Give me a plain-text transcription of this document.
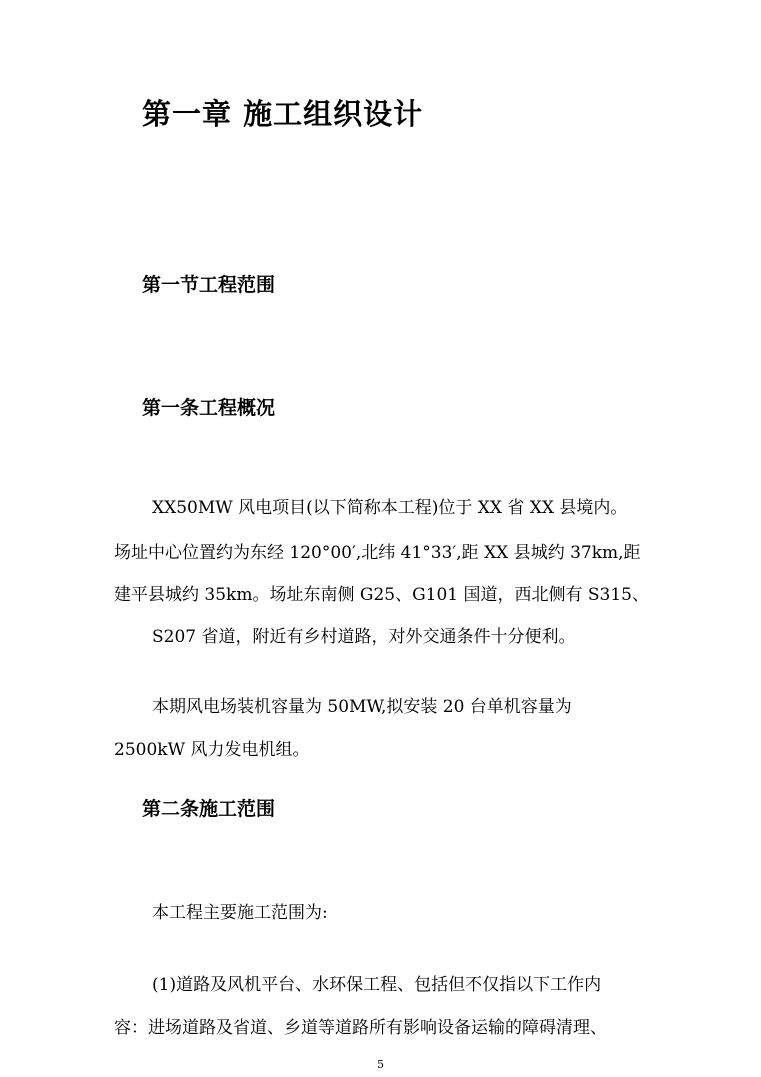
第一章 施工组织设计
第一节工程范围
第一条工程概况

XX50MW 风电项目(以下简称本工程)位于 XX 省 XX 县境内。

场址中心位置约为东经 120°00′,北纬 41°33′,距 XX 县城约 37km,距

建平县城约 35km。场址东南侧 G25、G101 国道，西北侧有 S315、

S207 省道，附近有乡村道路，对外交通条件十分便利。

本期风电场装机容量为 50MW,拟安装 20 台单机容量为

2500kW 风力发电机组。

第二条施工范围

本工程主要施工范围为:

(1)道路及风机平台、水环保工程、包括但不仅指以下工作内

容：进场道路及省道、乡道等道路所有影响设备运输的障碍清理、

5
